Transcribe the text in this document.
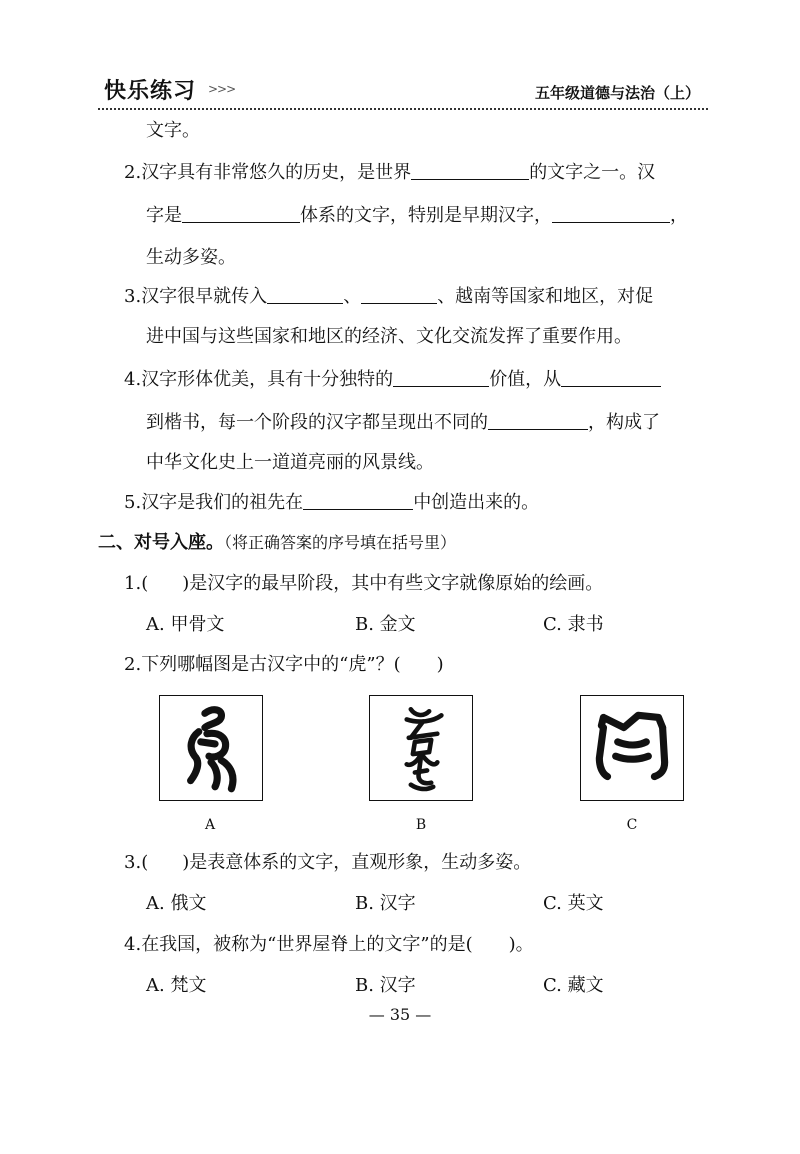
快乐练习 >>>	五年级道德与法治（上）
文字。
2.汉字具有非常悠久的历史，是世界	的文字之一。汉
字是	体系的文字，特别是早期汉字，	，
生动多姿。
3.汉字很早就传入	、	、越南等国家和地区，对促
进中国与这些国家和地区的经济、文化交流发挥了重要作用。
4.汉字形体优美，具有十分独特的	价值，从
到楷书，每一个阶段的汉字都呈现出不同的	，构成了
中华文化史上一道道亮丽的风景线。
5.汉字是我们的祖先在	中创造出来的。
二、对号入座。（将正确答案的序号填在括号里）
1.( )是汉字的最早阶段，其中有些文字就像原始的绘画。
A. 甲骨文	B. 金文	C. 隶书
2.下列哪幅图是古汉字中的“虎”？(　　)
A	B	C
3.( )是表意体系的文字，直观形象，生动多姿。
A. 俄文	B. 汉字	C. 英文
4.在我国，被称为“世界屋脊上的文字”的是(　　)。
A. 梵文	B. 汉字	C. 藏文
— 35 —
